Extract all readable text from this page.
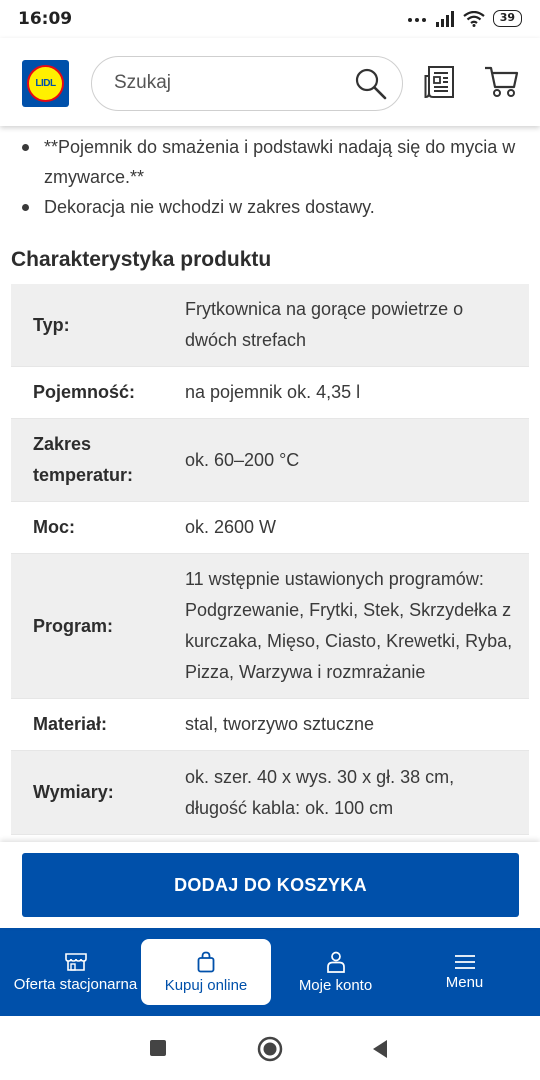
16:09	39
LIDL	Szukaj
**Pojemnik do smażenia i podstawki nadają się do mycia w zmywarce.**
Dekoracja nie wchodzi w zakres dostawy.
Charakterystyka produktu
Typ:
Frytkownica na gorące powietrze o dwóch strefach
Pojemność:	na pojemnik ok. 4,35 l
Zakres temperatur:
ok. 60–200 °C
Moc:	ok. 2600 W
Program:
11 wstępnie ustawionych programów: Podgrzewanie, Frytki, Stek, Skrzydełka z kurczaka, Mięso, Ciasto, Krewetki, Ryba, Pizza, Warzywa i rozmrażanie
Materiał:	stal, tworzywo sztuczne
Wymiary:
ok. szer. 40 x wys. 30 x gł. 38 cm, długość kabla: ok. 100 cm
DODAJ DO KOSZYKA
Oferta stacjonarna Kupuj online	Moje konto	Menu
